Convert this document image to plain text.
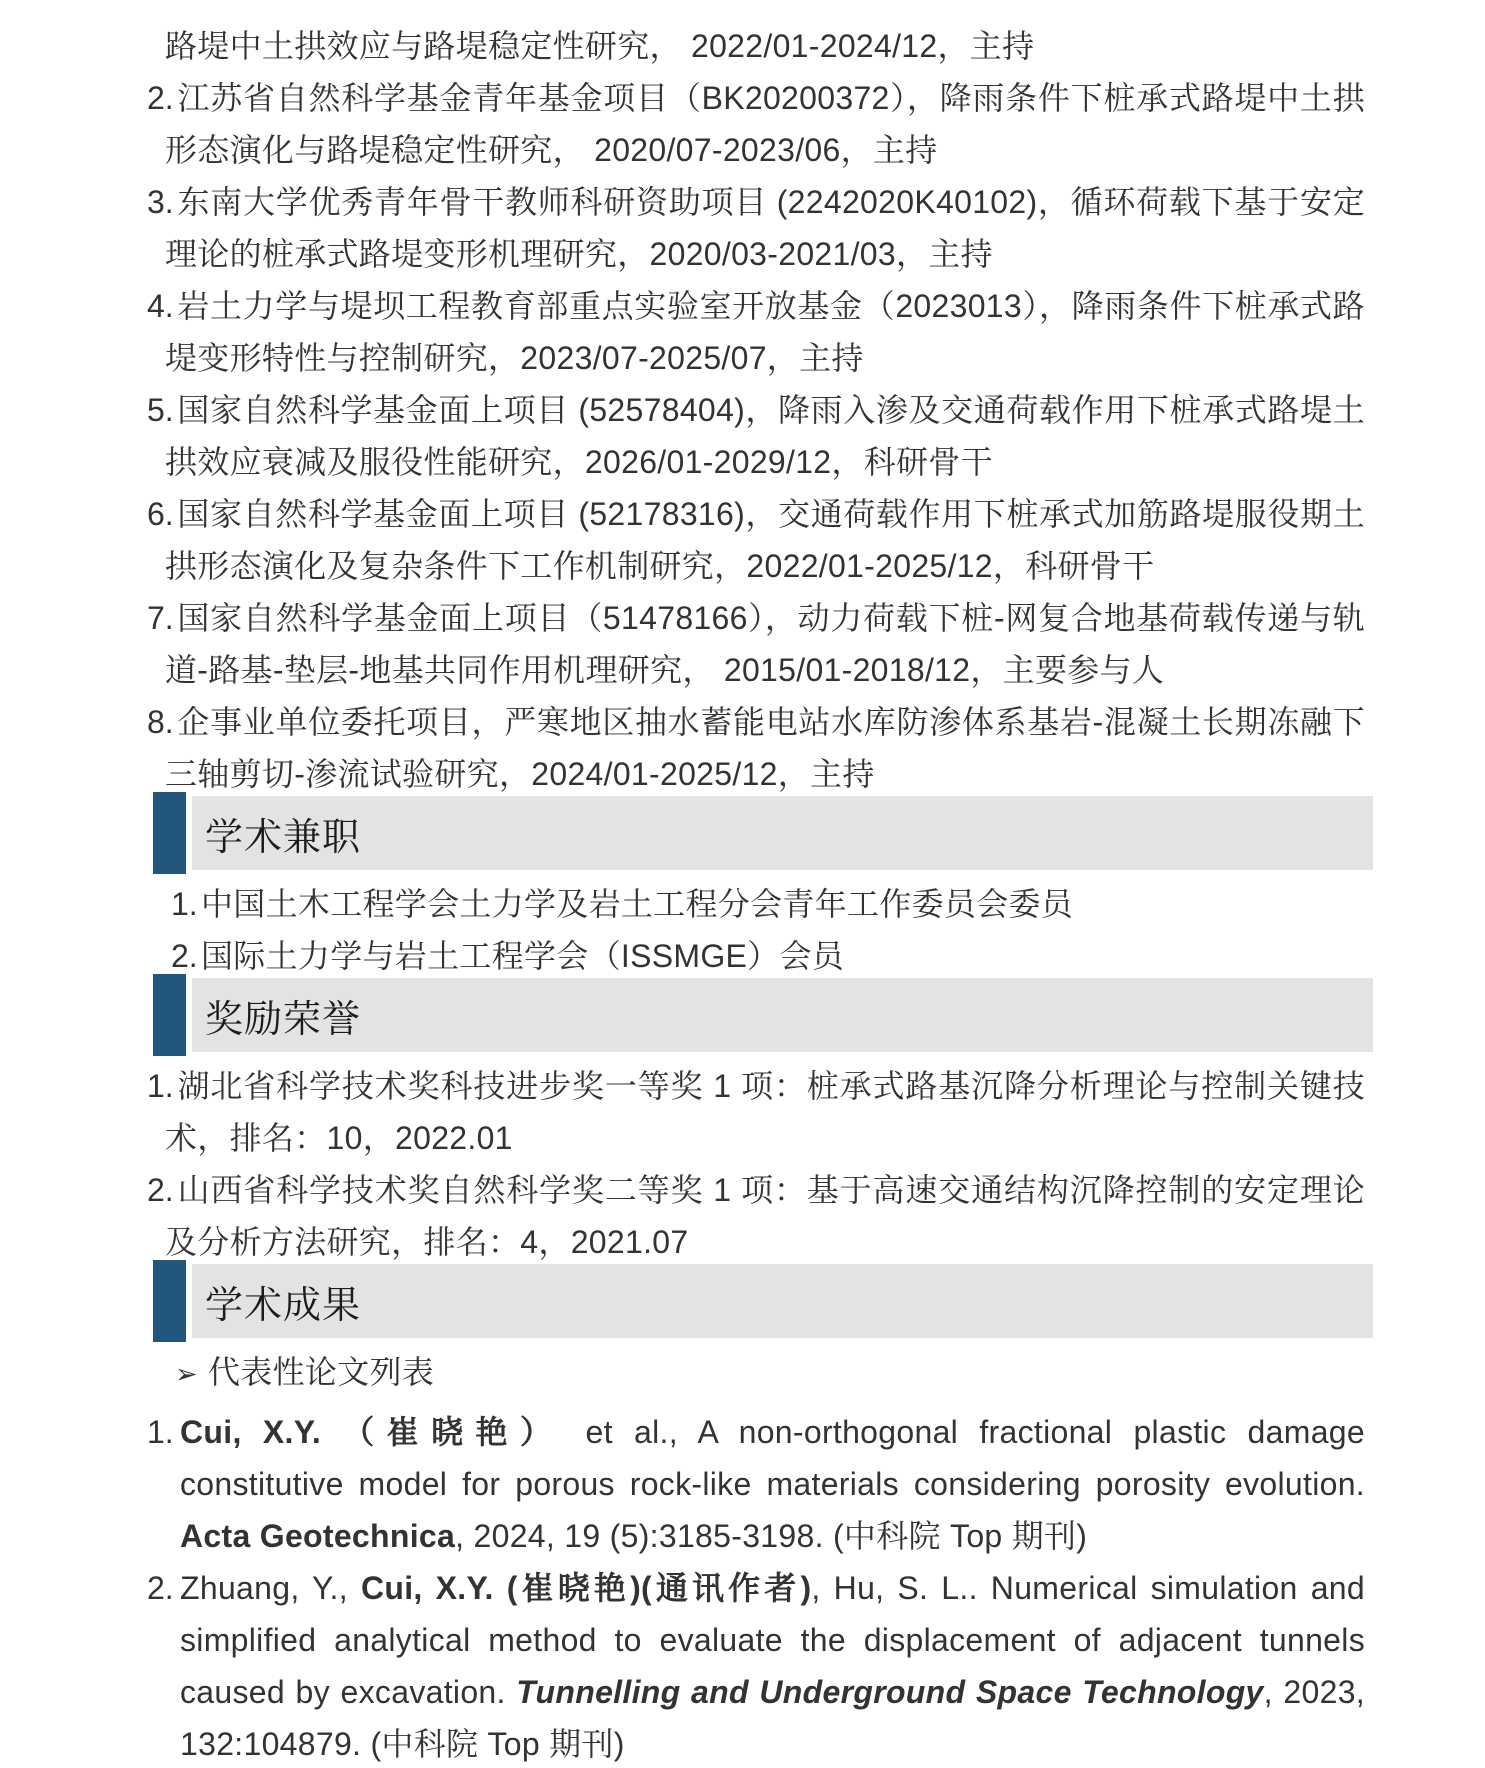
路堤中土拱效应与路堤稳定性研究， 2022/01-2024/12，主持
2. 江苏省自然科学基金青年基金项目（BK20200372），降雨条件下桩承式路堤中土拱形态演化与路堤稳定性研究， 2020/07-2023/06，主持
3. 东南大学优秀青年骨干教师科研资助项目 (2242020K40102)，循环荷载下基于安定理论的桩承式路堤变形机理研究，2020/03-2021/03，主持
4. 岩土力学与堤坝工程教育部重点实验室开放基金（2023013），降雨条件下桩承式路堤变形特性与控制研究，2023/07-2025/07，主持
5. 国家自然科学基金面上项目 (52578404)，降雨入渗及交通荷载作用下桩承式路堤土拱效应衰减及服役性能研究，2026/01-2029/12，科研骨干
6. 国家自然科学基金面上项目 (52178316)，交通荷载作用下桩承式加筋路堤服役期土拱形态演化及复杂条件下工作机制研究，2022/01-2025/12，科研骨干
7. 国家自然科学基金面上项目（51478166），动力荷载下桩-网复合地基荷载传递与轨道-路基-垫层-地基共同作用机理研究， 2015/01-2018/12，主要参与人
8. 企事业单位委托项目，严寒地区抽水蓄能电站水库防渗体系基岩-混凝土长期冻融下三轴剪切-渗流试验研究，2024/01-2025/12，主持
学术兼职
1. 中国土木工程学会土力学及岩土工程分会青年工作委员会委员
2. 国际土力学与岩土工程学会（ISSMGE）会员
奖励荣誉
1. 湖北省科学技术奖科技进步奖一等奖 1 项：桩承式路基沉降分析理论与控制关键技术，排名：10，2022.01
2. 山西省科学技术奖自然科学奖二等奖 1 项：基于高速交通结构沉降控制的安定理论及分析方法研究，排名：4，2021.07
学术成果
➢ 代表性论文列表
1. Cui, X.Y. （崔晓艳） et al., A non-orthogonal fractional plastic damage constitutive model for porous rock-like materials considering porosity evolution. Acta Geotechnica, 2024, 19 (5):3185-3198. (中科院 Top 期刊)
2. Zhuang, Y., Cui, X.Y. (崔晓艳)(通讯作者), Hu, S. L.. Numerical simulation and simplified analytical method to evaluate the displacement of adjacent tunnels caused by excavation. Tunnelling and Underground Space Technology, 2023, 132:104879. (中科院 Top 期刊)
